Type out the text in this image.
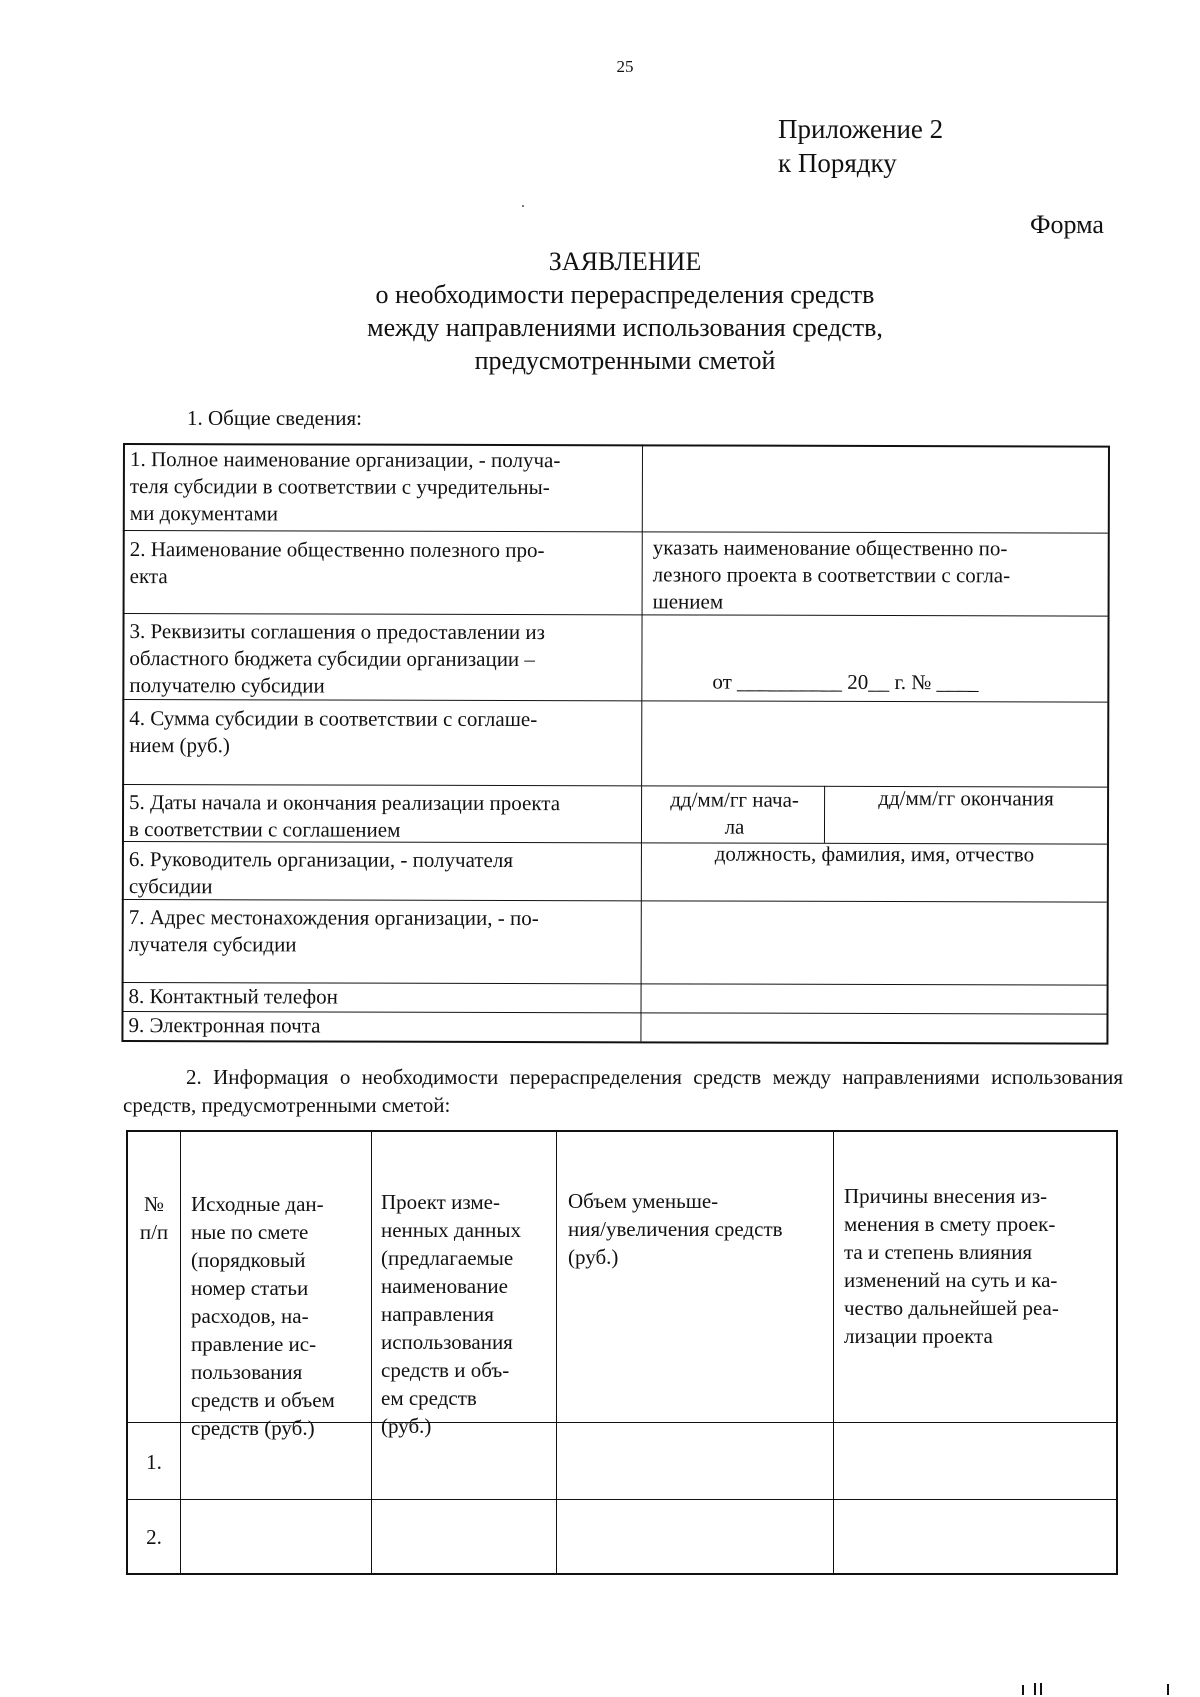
25
Приложение 2
к Порядку
Форма
ЗАЯВЛЕНИЕ
о необходимости перераспределения средств
между направлениями использования средств,
предусмотренными сметой
1. Общие сведения:
1. Полное наименование организации, - получа-
теля субсидии в соответствии с учредительны-
ми документами
2. Наименование общественно полезного про-
екта
указать наименование общественно по-
лезного проекта в соответствии с согла-
шением
3. Реквизиты соглашения о предоставлении из
областного бюджета субсидии организации –
получателю субсидии	от __________ 20__ г. № ____
4. Сумма субсидии в соответствии с соглаше-
нием (руб.)
5. Даты начала и окончания реализации проекта
в соответствии с соглашением
дд/мм/гг нача-
ла
дд/мм/гг окончания
6. Руководитель организации, - получателя
субсидии
должность, фамилия, имя, отчество
7. Адрес местонахождения организации, - по-
лучателя субсидии
8. Контактный телефон
9. Электронная почта
2. Информация о необходимости перераспределения средств между направлениями использования средств, предусмотренными сметой:
№
п/п
Исходные дан-
ные по смете
(порядковый
номер статьи
расходов, на-
правление ис-
пользования
средств и объем
средств (руб.)
Проект изме-
ненных данных
(предлагаемые
наименование
направления
использования
средств и объ-
ем средств
(руб.)
Объем уменьше-
ния/увеличения средств
(руб.)
Причины внесения из-
менения в смету проек-
та и степень влияния
изменений на суть и ка-
чество дальнейшей реа-
лизации проекта
1.
2.
